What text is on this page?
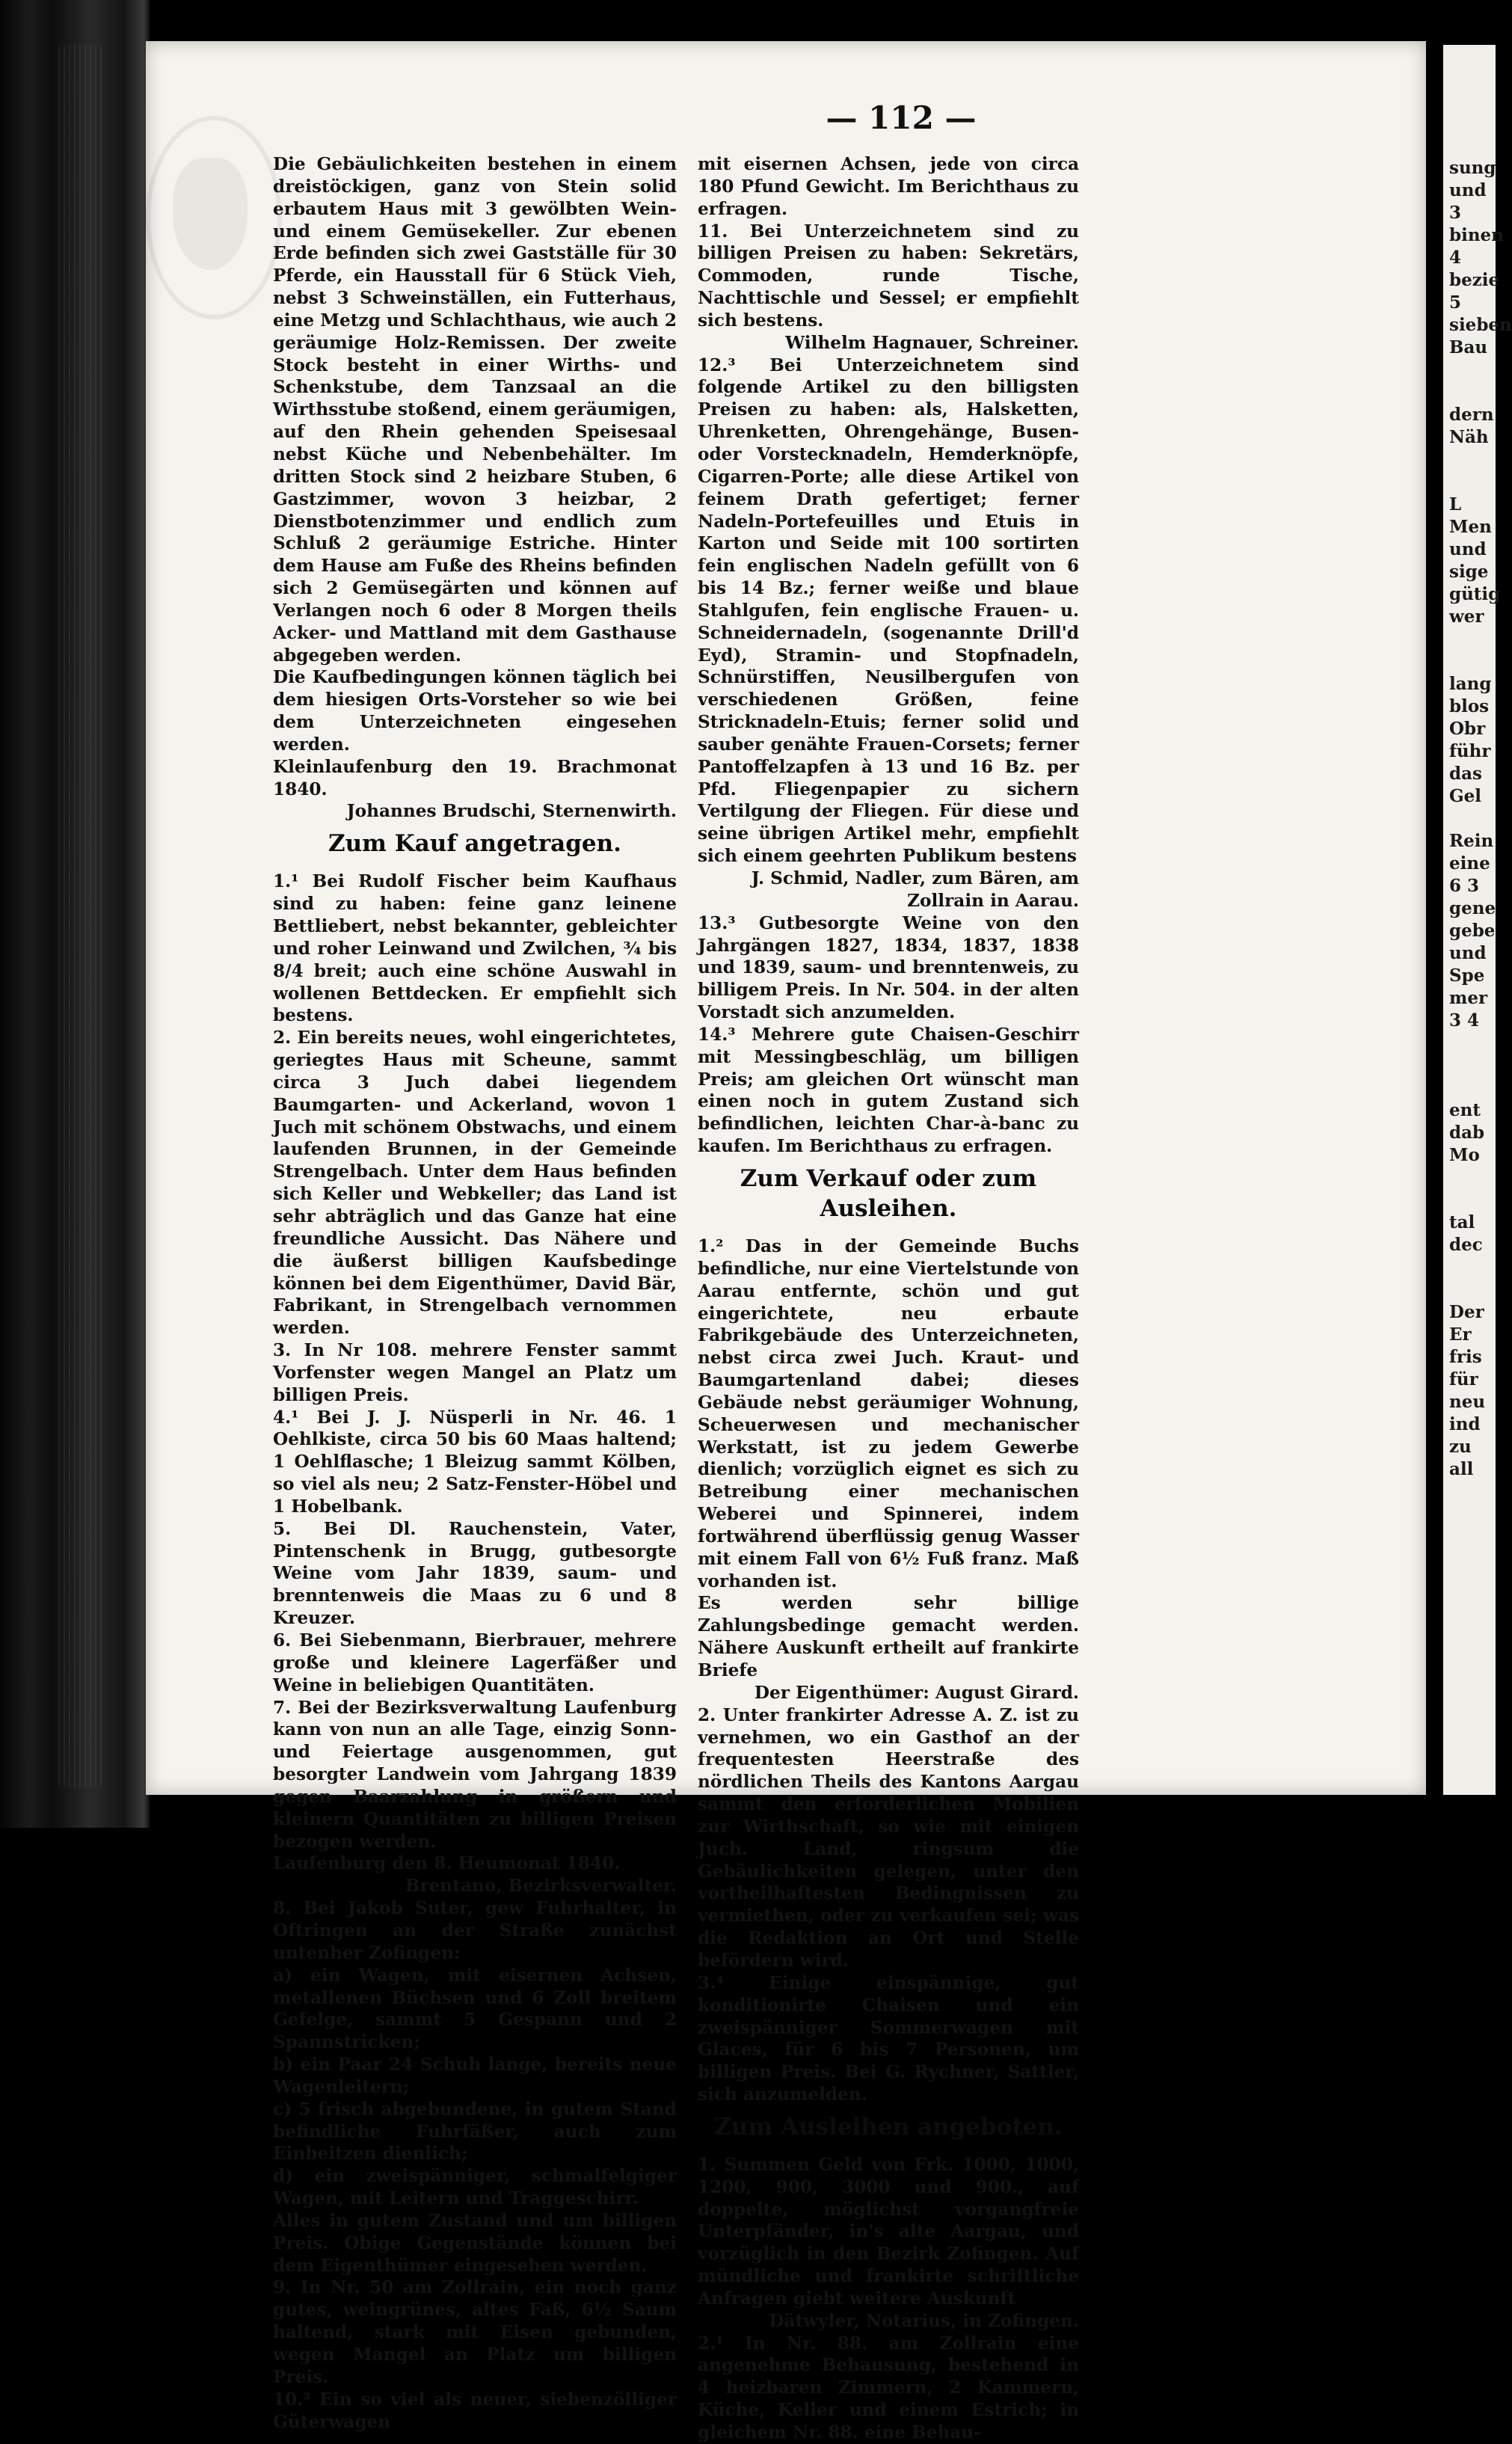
— 112 —

Die Gebäulichkeiten bestehen in einem dreistöckigen, ganz von Stein solid erbautem Haus mit 3 gewölbten Wein- und einem Gemüsekeller. Zur ebenen Erde befinden sich zwei Gastställe für 30 Pferde, ein Hausstall für 6 Stück Vieh, nebst 3 Schweinställen, ein Futterhaus, eine Metzg und Schlachthaus, wie auch 2 geräumige Holz-Remissen. Der zweite Stock besteht in einer Wirths- und Schenkstube, dem Tanzsaal an die Wirthsstube stoßend, einem geräumigen, auf den Rhein gehenden Speisesaal nebst Küche und Nebenbehälter. Im dritten Stock sind 2 heizbare Stuben, 6 Gastzimmer, wovon 3 heizbar, 2 Dienstbotenzimmer und endlich zum Schluß 2 geräumige Estriche. Hinter dem Hause am Fuße des Rheins befinden sich 2 Gemüsegärten und können auf Verlangen noch 6 oder 8 Morgen theils Acker- und Mattland mit dem Gasthause abgegeben werden.

Die Kaufbedingungen können täglich bei dem hiesigen Orts-Vorsteher so wie bei dem Unterzeichneten eingesehen werden.

Kleinlaufenburg den 19. Brachmonat 1840.

Johannes Brudschi, Sternenwirth.

Zum Kauf angetragen.

1.¹ Bei Rudolf Fischer beim Kaufhaus sind zu haben: feine ganz leinene Bettliebert, nebst bekannter, gebleichter und roher Leinwand und Zwilchen, ¾ bis 8/4 breit; auch eine schöne Auswahl in wollenen Bettdecken. Er empfiehlt sich bestens.

2. Ein bereits neues, wohl eingerichtetes, geriegtes Haus mit Scheune, sammt circa 3 Juch dabei liegendem Baumgarten- und Ackerland, wovon 1 Juch mit schönem Obstwachs, und einem laufenden Brunnen, in der Gemeinde Strengelbach. Unter dem Haus befinden sich Keller und Webkeller; das Land ist sehr abträglich und das Ganze hat eine freundliche Aussicht. Das Nähere und die äußerst billigen Kaufsbedinge können bei dem Eigenthümer, David Bär, Fabrikant, in Strengelbach vernommen werden.

3. In Nr 108. mehrere Fenster sammt Vorfenster wegen Mangel an Platz um billigen Preis.

4.¹ Bei J. J. Nüsperli in Nr. 46. 1 Oehlkiste, circa 50 bis 60 Maas haltend; 1 Oehlflasche; 1 Bleizug sammt Kölben, so viel als neu; 2 Satz-Fenster-Höbel und 1 Hobelbank.

5. Bei Dl. Rauchenstein, Vater, Pintenschenk in Brugg, gutbesorgte Weine vom Jahr 1839, saum- und brenntenweis die Maas zu 6 und 8 Kreuzer.

6. Bei Siebenmann, Bierbrauer, mehrere große und kleinere Lagerfäßer und Weine in beliebigen Quantitäten.

7. Bei der Bezirksverwaltung Laufenburg kann von nun an alle Tage, einzig Sonn- und Feiertage ausgenommen, gut besorgter Landwein vom Jahrgang 1839 gegen Baarzahlung in größern und kleinern Quantitäten zu billigen Preisen bezogen werden.

Laufenburg den 8. Heumonat 1840.

Brentano, Bezirksverwalter.

8. Bei Jakob Suter, gew Fuhrhalter, in Oftringen an der Straße zunächst untenher Zofingen:

a) ein Wagen, mit eisernen Achsen, metallenen Büchsen und 6 Zoll breitem Gefelge, sammt 5 Gespann und 2 Spannstricken;

b) ein Paar 24 Schuh lange, bereits neue Wagenleitern;

c) 5 frisch abgebundene, in gutem Stand befindliche Fuhrfäßer, auch zum Einbeitzen dienlich;

d) ein zweispänniger, schmalfelgiger Wagen, mit Leitern und Traggeschirr.

Alles in gutem Zustand und um billigen Preis. Obige Gegenstände können bei dem Eigenthümer eingesehen werden.

9. In Nr. 50 am Zollrain, ein noch ganz gutes, weingrünes, altes Faß, 6½ Saum haltend, stark mit Eisen gebunden, wegen Mangel an Platz um billigen Preis.

10.³ Ein so viel als neuer, siebenzölliger Güterwagen

mit eisernen Achsen, jede von circa 180 Pfund Gewicht. Im Berichthaus zu erfragen.

11. Bei Unterzeichnetem sind zu billigen Preisen zu haben: Sekretärs, Commoden, runde Tische, Nachttischle und Sessel; er empfiehlt sich bestens.

Wilhelm Hagnauer, Schreiner.

12.³ Bei Unterzeichnetem sind folgende Artikel zu den billigsten Preisen zu haben: als, Halsketten, Uhrenketten, Ohrengehänge, Busen- oder Vorstecknadeln, Hemderknöpfe, Cigarren-Porte; alle diese Artikel von feinem Drath gefertiget; ferner Nadeln-Portefeuilles und Etuis in Karton und Seide mit 100 sortirten fein englischen Nadeln gefüllt von 6 bis 14 Bz.; ferner weiße und blaue Stahlgufen, fein englische Frauen- u. Schneidernadeln, (sogenannte Drill'd Eyd), Stramin- und Stopfnadeln, Schnürstiffen, Neusilbergufen von verschiedenen Größen, feine Stricknadeln-Etuis; ferner solid und sauber genähte Frauen-Corsets; ferner Pantoffelzapfen à 13 und 16 Bz. per Pfd. Fliegenpapier zu sichern Vertilgung der Fliegen. Für diese und seine übrigen Artikel mehr, empfiehlt sich einem geehrten Publikum bestens

J. Schmid, Nadler, zum Bären, am Zollrain in Aarau.

13.³ Gutbesorgte Weine von den Jahrgängen 1827, 1834, 1837, 1838 und 1839, saum- und brenntenweis, zu billigem Preis. In Nr. 504. in der alten Vorstadt sich anzumelden.

14.³ Mehrere gute Chaisen-Geschirr mit Messingbeschläg, um billigen Preis; am gleichen Ort wünscht man einen noch in gutem Zustand sich befindlichen, leichten Char-à-banc zu kaufen. Im Berichthaus zu erfragen.

Zum Verkauf oder zum Ausleihen.

1.² Das in der Gemeinde Buchs befindliche, nur eine Viertelstunde von Aarau entfernte, schön und gut eingerichtete, neu erbaute Fabrikgebäude des Unterzeichneten, nebst circa zwei Juch. Kraut- und Baumgartenland dabei; dieses Gebäude nebst geräumiger Wohnung, Scheuerwesen und mechanischer Werkstatt, ist zu jedem Gewerbe dienlich; vorzüglich eignet es sich zu Betreibung einer mechanischen Weberei und Spinnerei, indem fortwährend überflüssig genug Wasser mit einem Fall von 6½ Fuß franz. Maß vorhanden ist.

Es werden sehr billige Zahlungsbedinge gemacht werden. Nähere Auskunft ertheilt auf frankirte Briefe

Der Eigenthümer: August Girard.

2. Unter frankirter Adresse A. Z. ist zu vernehmen, wo ein Gasthof an der frequentesten Heerstraße des nördlichen Theils des Kantons Aargau sammt den erforderlichen Mobilien zur Wirthschaft, so wie mit einigen Juch. Land, ringsum die Gebäulichkeiten gelegen, unter den vortheilhaftesten Bedingnissen zu vermiethen, oder zu verkaufen sei; was die Redaktion an Ort und Stelle befördern wird.

3.⁴ Einige einspännige, gut konditionirte Chaisen und ein zweispänniger Sommerwagen mit Glaces, für 6 bis 7 Personen, um billigen Preis. Bei G. Rychner, Sattler, sich anzumelden.

Zum Ausleihen angeboten.

1. Summen Geld von Frk. 1000, 1000, 1200, 900, 3000 und 900., auf doppelte, möglichst vorgangfreie Unterpfänder, in's alte Aargau, und vorzüglich in den Bezirk Zofingen. Auf mündliche und frankirte schriftliche Anfragen giebt weitere Auskunft

Dätwyler, Notarius, in Zofingen.

2.¹ In Nr. 88. am Zollrain eine angenehme Behausung, bestehend in 4 heizbaren Zimmern, 2 Kammern, Küche, Keller und einem Estrich; in gleichem Nr. 88. eine Behau-

sung
und
3
binen
4
bezie
5
sieben
Bau
dern
Näh
L
Men
und
sige
gütig
wer
lang
blos
Obr
führ
das
Gel
Rein
eine
6 3
gene
gebe
und
Spe
mer
3 4
ent
dab
Mo
tal
dec
Der
Er
fris
für
neu
ind
zu
all
